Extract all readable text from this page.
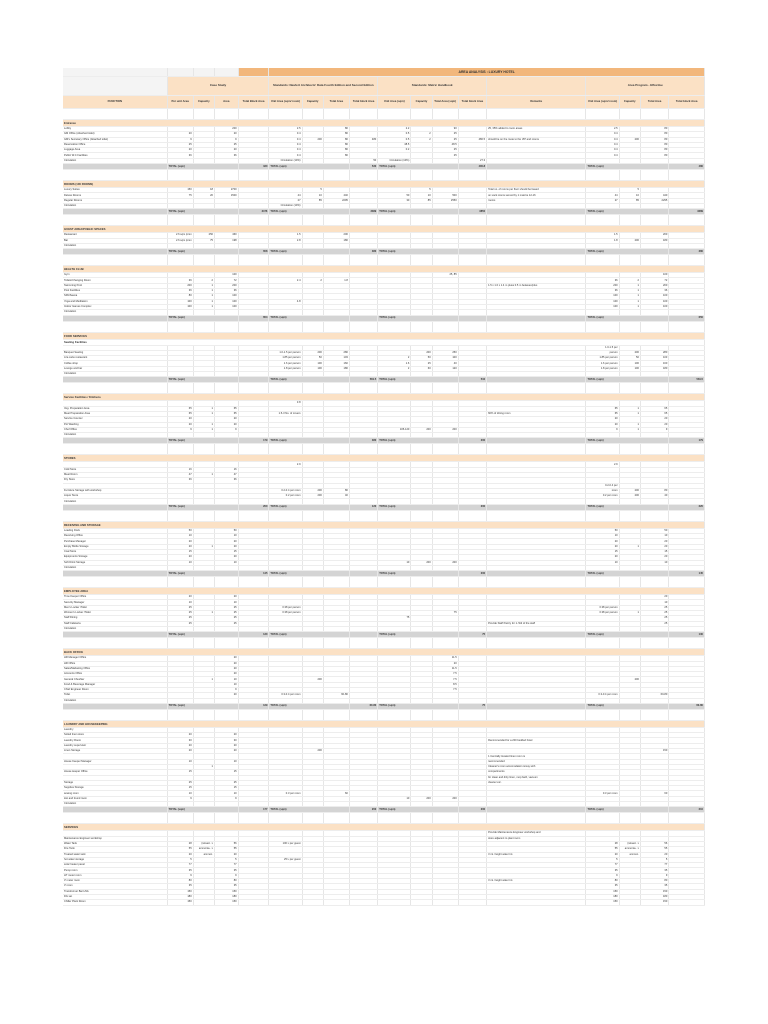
					AREA ANALYSIS : LUXURY HOTEL												
	Case Study				Standards: Neufert Architects' Data Fourth Edition and Second Edition				Standards: Metric Handbook					Area Program - Effective			
FUNCTION	Per unit Area	Capacity	Area	Total Block Area	Unit Area (sqm/ room)	Capacity	Total Area	Total block Area	Unit Area (sqm)	Capacity	Total Area (sqm)	Total block Area	Remarks	Unit Area (sqm/ room)	Capacity	Total Area	Total block Area

Entrance																	
Lobby			200		2.5		80		2.2		90		25, 35% added to room areas	2.5		80	
GM Office (Attached toilet)	20		20		0.4		80		0.5	2	25			0.4		80	
GM's Secretary Office (Attached toilet)	9		9		0.4	200	80	480	0.5	2	25	480.5	should be on the route to the VIP and rooms	0.4	200	80	
Reservation Office	25		25		0.4		80		48.5		48.5			0.4		80	
Luggage Area	20		20		0.4		80		0.2		25			0.4		80	
Public W.C Facilities	36		36		0.4		80				25			0.4		80	
Circulation					Circulation (10%)			50	Circulation (10%)			27.3					
	TOTAL (sqm)			330	TOTAL (sqm)			530	TOTAL (sqm)			400.8		TOTAL (sqm)			480

ROOMS (100 ROOMS)																	
Luxury Suites	150	18	2700			5				5			Total no. of rooms per floor should be based		5		
Deluxe Rooms	75	20	1500		44	10	440		50	10	500		on sock rooms served by 1 maid ie 12-16	44	10	440	
Regular Rooms					27	85	2295		30	85	2550		rooms	27	85	2295	
Circulation					Circulation (10%)												
	TOTAL (sqm)			3476	TOTAL (sqm)			3389	TOTAL (sqm)			3850		TOTAL (sqm)			3389

GUEST AREA/PUBLIC SPACES																	
Restaurant	2.6 sqm /prsn	250	460		1.5		200							1.5		200	
Bar	2.6 sqm /prsn	75	198		2.8		180							1.8	200	180	
Circulation																	
	TOTAL (sqm)			658	TOTAL (sqm)			380	TOTAL (sqm)					TOTAL (sqm)			380

HEALTH CLUB																	
Gym			100								25, 85					100	
Toilets/Changing Room	36	2	72		2.4	2	1.8							36	2	72	
Swimming Pool	200	1	200										1.5 x 1.0 x 1.4 m pluss 0.5 m between/plus	200	1	200	
Pool Facilities	36	1	36											36	1	36	
SPA/Sauna	80	1	100											100	1	100	
Yoga and Meditation	100	1	100		4.8									100	1	100	
Indoor Games Complex	100	1	100											100	1	100	
Circulation																	
	TOTAL (sqm)			654	TOTAL (sqm)				TOTAL (sqm)					TOTAL (sqm)			650

FOOD SERVICES																	
Seating Facilities																	
														1.0-1.5 per			
Banquet Seating					1.0-1.5 per person	200	280			200	250			person	200	280	
A la carte restaurant					1.85 per person	50	103		2	50	100			1.85 per person	50	103	
Coffee shop					1.6 per person	100	160		1.6	25	40			1.6 per person	100	160	
Lounge and bar					1.8 per person	100	180		2	60	120			1.8 per person	100	180	
Circulation																	
	TOTAL (sqm)				TOTAL (sqm)			581.5	TOTAL (sqm)			510		TOTAL (sqm)			581.5

Service Facilities / Kitchens																	
					3.8												
Veg. Preparation Area	65	1	65											65	1	65	
Meat Preparation Area	65	1	65		1.5-3 No. of covers								60% of dining room	65	1	65	
Service Counter	20		20											20		20	
Pot Washing	20	1	20											20	1	20	
Chef Office	9	1	9						105-120	200	200			9	1	9	
Circulation																	
	TOTAL (sqm)			179	TOTAL (sqm)			380	TOTAL (sqm)			200		TOTAL (sqm)			179

STORES																	
					2.9									2.9			
Cold Store	16		16														
Meat Room	47	1	47														
Dry Store	36		36														
														0.2-0.4 per			
Furniture Storage with workshop					0.2-0.4 per room	200	80							room	200	80	
Liquor Store					0.2 per room	200	40							0.2 per room	200	40	
Circulation																	
	TOTAL (sqm)			200	TOTAL (sqm)			120	TOTAL (sqm)			200		TOTAL (sqm)			220

RECEIVING AND STORAGE																	
Loading Dock	50		50											50		50	
Receiving Office	10		10											10		10	
Purchase Manager	20		20											20		20	
Empty Bottle Storage	20	1	20											20	1	20	
Coal Store	15		15											15		15	
Equipments Storage	20		20											20		20	
Soft Drink Storage	10		10						10	200	200			10		10	
Circulation																	
	TOTAL (sqm)			145	TOTAL (sqm)				TOTAL (sqm)			200		TOTAL (sqm)			145

EMPLOYEE AREA																	
Time Keeper Office	20		20													20	
Security Manager	10		10													10	
Men's Locker /Toilet	25		25		0.38 per person									0.38 per person		25	
Women's Locker /Toilet	25	1	25		0.38 per person						75			0.38 per person	1	25	
Staff Dining	25		25						75							25	
Staff Cafeteria	25		25										Provide Staff Pantry for 1 /3rd of the staff			25	
Circulation																	
	TOTAL (sqm)			130	TOTAL (sqm)				TOTAL (sqm)			75		TOTAL (sqm)			130

BACK OFFICE																	
HR Manager Office			20								11.5						
HR Office			20								20						
Sales/Marketing Office			20								11.5						
Accounts Office			20								7.5						
General Cheshier		1	10			200					7.5				200		
Food & Beverage Manager			10								8.5						
Chief Engineer Room			9								7.5						
Toilet			20		0.3-0.4 per room		60-80							0.3-0.4 per room		60-80	
Circulation																	
	TOTAL (sqm)			129	TOTAL (sqm)			60-80	TOTAL (sqm)			75		TOTAL (sqm)			60-80

LAUNDRY AND HOUSEKEEPING																	
Laundry																	
Soiled linen store	20		20														
Laundry Room	30		30										Recommended for a 200 bedded hotel				
Laundry supervisor	20		20														
Linen Storage	20		20			200										150	
													1 Centrally located linen room is				
House Keeper Manager	10		10										recommended				
		1											Cleaner's room accomodation ismay with				
House keeper Office	15		15										compartments				
													for clean and dirty linen, mop bath, vacuum				
Storage	25		25										cleaner etc.				
Supplies Storage	15		15														
sewing room	10		10		0.3 per room		60							0.3 per room		60	
lost and found room	9		9						10	200	200						
Circulation																	
	TOTAL (sqm)			177	TOTAL (sqm)			200	TOTAL (sqm)			200		TOTAL (sqm)			210

SERVICES																	
													Provide Maintenance Engineer workshop and				
Maintenance Engineer workshop													store adjacent to plant room				
Water Tank	28	(reload.. x	56		100 x per guest									28	(reload.. x	56	
Fire Tank	55	ammonia.. x	55											55	ammonia.. x	55	
Treated water tank	20	ammon.	20										3 mt. height water tnt.	20	ammon.	20	
hot water storage	5		5		25 L per guest									5		5	
solar heater panel	77		77											77		77	
Pump room	35		35											35		35	
HT meter room	9		9											9		9	
3' meter room	80		80										3 mt. height water tnt.	80		80	
3' room	35		35											35		35	
Transformer Bar HVA	150		150											150		150	
DG set	180		180											180		180	
Chiller Plant Room	150		150											150		150	
